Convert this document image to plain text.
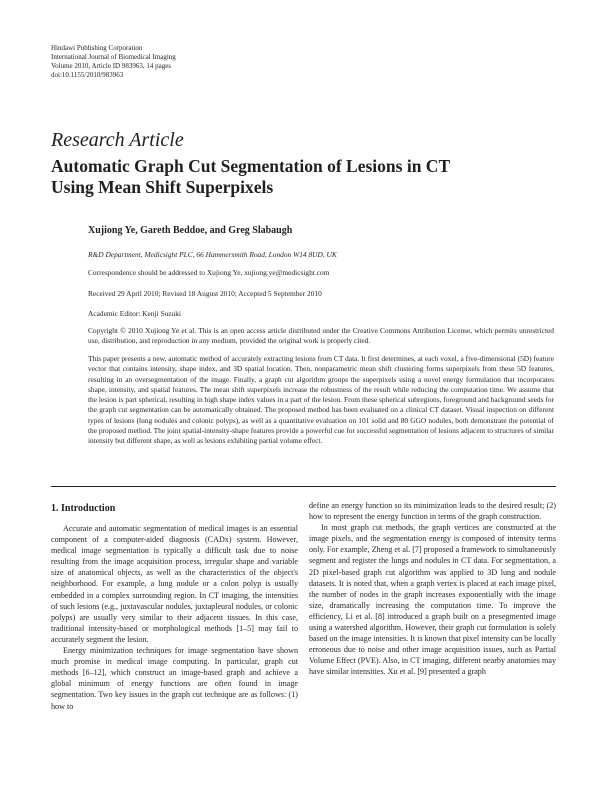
Hindawi Publishing Corporation
International Journal of Biomedical Imaging
Volume 2010, Article ID 983963, 14 pages
doi:10.1155/2010/983963
Research Article
Automatic Graph Cut Segmentation of Lesions in CT Using Mean Shift Superpixels
Xujiong Ye, Gareth Beddoe, and Greg Slabaugh
R&D Department, Medicsight PLC, 66 Hammersmith Road, London W14 8UD, UK
Correspondence should be addressed to Xujiong Ye, xujiong.ye@medicsight.com
Received 29 April 2010; Revised 18 August 2010; Accepted 5 September 2010
Academic Editor: Kenji Suzuki
Copyright © 2010 Xujiong Ye et al. This is an open access article distributed under the Creative Commons Attribution License, which permits unrestricted use, distribution, and reproduction in any medium, provided the original work is properly cited.
This paper presents a new, automatic method of accurately extracting lesions from CT data. It first determines, at each voxel, a five-dimensional (5D) feature vector that contains intensity, shape index, and 3D spatial location. Then, nonparametric mean shift clustering forms superpixels from these 5D features, resulting in an oversegmentation of the image. Finally, a graph cut algorithm groups the superpixels using a novel energy formulation that incorporates shape, intensity, and spatial features. The mean shift superpixels increase the robustness of the result while reducing the computation time. We assume that the lesion is part spherical, resulting in high shape index values in a part of the lesion. From these spherical subregions, foreground and background seeds for the graph cut segmentation can be automatically obtained. The proposed method has been evaluated on a clinical CT dataset. Visual inspection on different types of lesions (lung nodules and colonic polyps), as well as a quantitative evaluation on 101 solid and 80 GGO nodules, both demonstrate the potential of the proposed method. The joint spatial-intensity-shape features provide a powerful cue for successful segmentation of lesions adjacent to structures of similar intensity but different shape, as well as lesions exhibiting partial volume effect.
1. Introduction

Accurate and automatic segmentation of medical images is an essential component of a computer-aided diagnosis (CADx) system. However, medical image segmentation is typically a difficult task due to noise resulting from the image acquisition process, irregular shape and variable size of anatomical objects, as well as the characteristics of the object's neighborhood. For example, a lung nodule or a colon polyp is usually embedded in a complex surrounding region. In CT imaging, the intensities of such lesions (e.g., juxtavascular nodules, juxtapleural nodules, or colonic polyps) are usually very similar to their adjacent tissues. In this case, traditional intensity-based or morphological methods [1–5] may fail to accurately segment the lesion.

Energy minimization techniques for image segmentation have shown much promise in medical image computing. In particular, graph cut methods [6–12], which construct an image-based graph and achieve a global minimum of energy functions are often found in image segmentation. Two key issues in the graph cut technique are as follows: (1) how to

define an energy function so its minimization leads to the desired result; (2) how to represent the energy function in terms of the graph construction.

In most graph cut methods, the graph vertices are constructed at the image pixels, and the segmentation energy is composed of intensity terms only. For example, Zheng et al. [7] proposed a framework to simultaneously segment and register the lungs and nodules in CT data. For segmentation, a 2D pixel-based graph cut algorithm was applied to 3D lung and nodule datasets. It is noted that, when a graph vertex is placed at each image pixel, the number of nodes in the graph increases exponentially with the image size, dramatically increasing the computation time. To improve the efficiency, Li et al. [8] introduced a graph built on a presegmented image using a watershed algorithm. However, their graph cut formulation is solely based on the image intensities. It is known that pixel intensity can be locally erroneous due to noise and other image acquisition issues, such as Partial Volume Effect (PVE). Also, in CT imaging, different nearby anatomies may have similar intensities. Xu et al. [9] presented a graph
